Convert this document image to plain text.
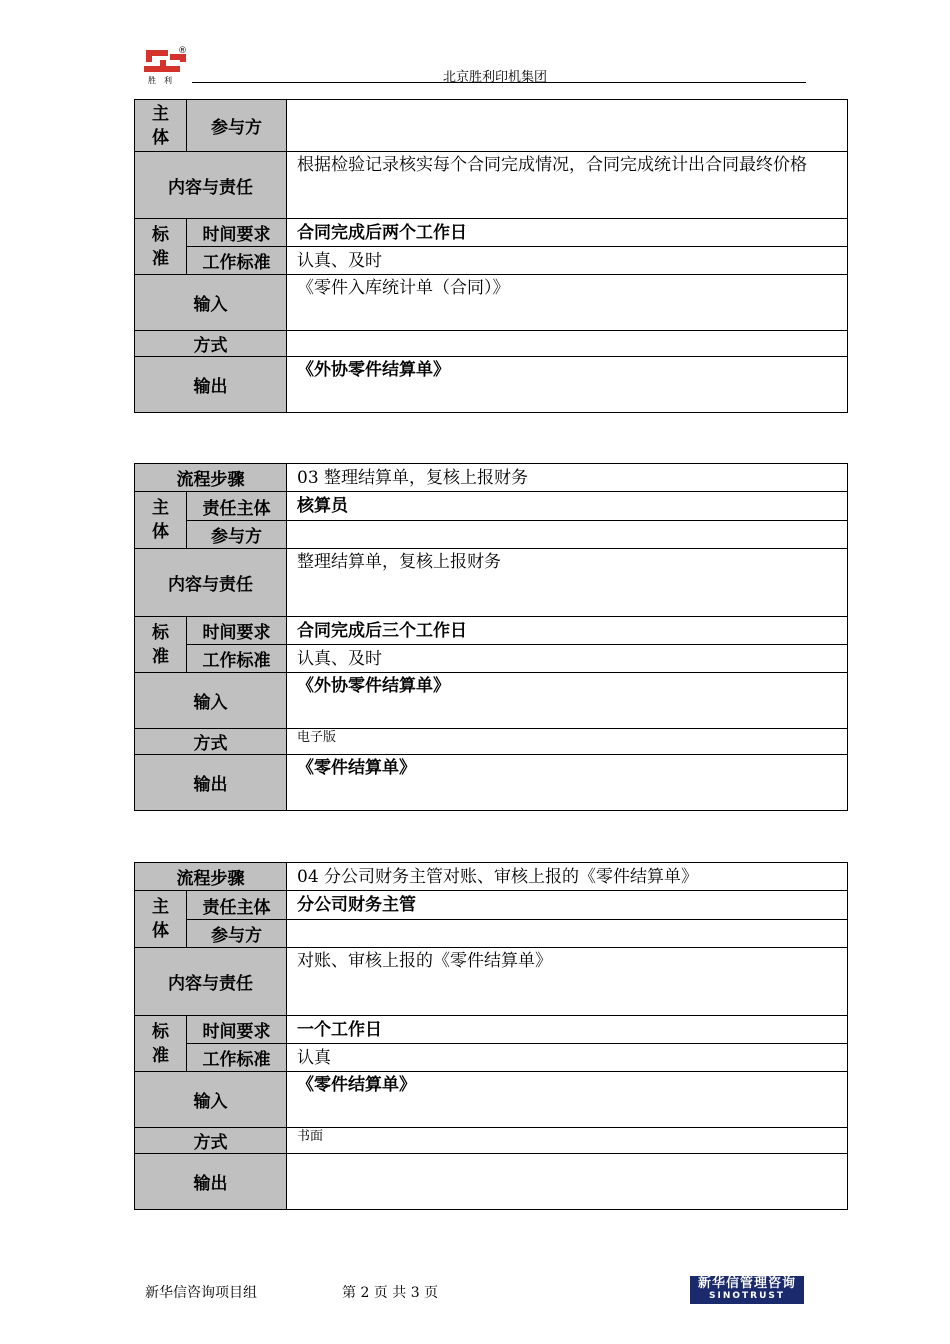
胜　利
®
北京胜利印机集团
主
体	参与方	
内容与责任		根据检验记录核实每个合同完成情况，合同完成统计出合同最终价格

标
准	时间要求	合同完成后两个工作日
	工作标准	认真、及时
输入		《零件入库统计单（合同）》
方式		
输出		《外协零件结算单》
流程步骤		03 整理结算单，复核上报财务

主
体	责任主体	核算员
	参与方	
内容与责任		整理结算单，复核上报财务

标
准	时间要求	合同完成后三个工作日
	工作标准	认真、及时
输入		《外协零件结算单》
方式		电子版
输出		《零件结算单》
流程步骤		04 分公司财务主管对账、审核上报的《零件结算单》

主
体	责任主体	分公司财务主管
	参与方	
内容与责任		对账、审核上报的《零件结算单》

标
准	时间要求	一个工作日
	工作标准	认真
输入		《零件结算单》
方式		书面
输出		
新华信咨询项目组	第 2 页 共 3 页
新华信管理咨询
SINOTRUST
